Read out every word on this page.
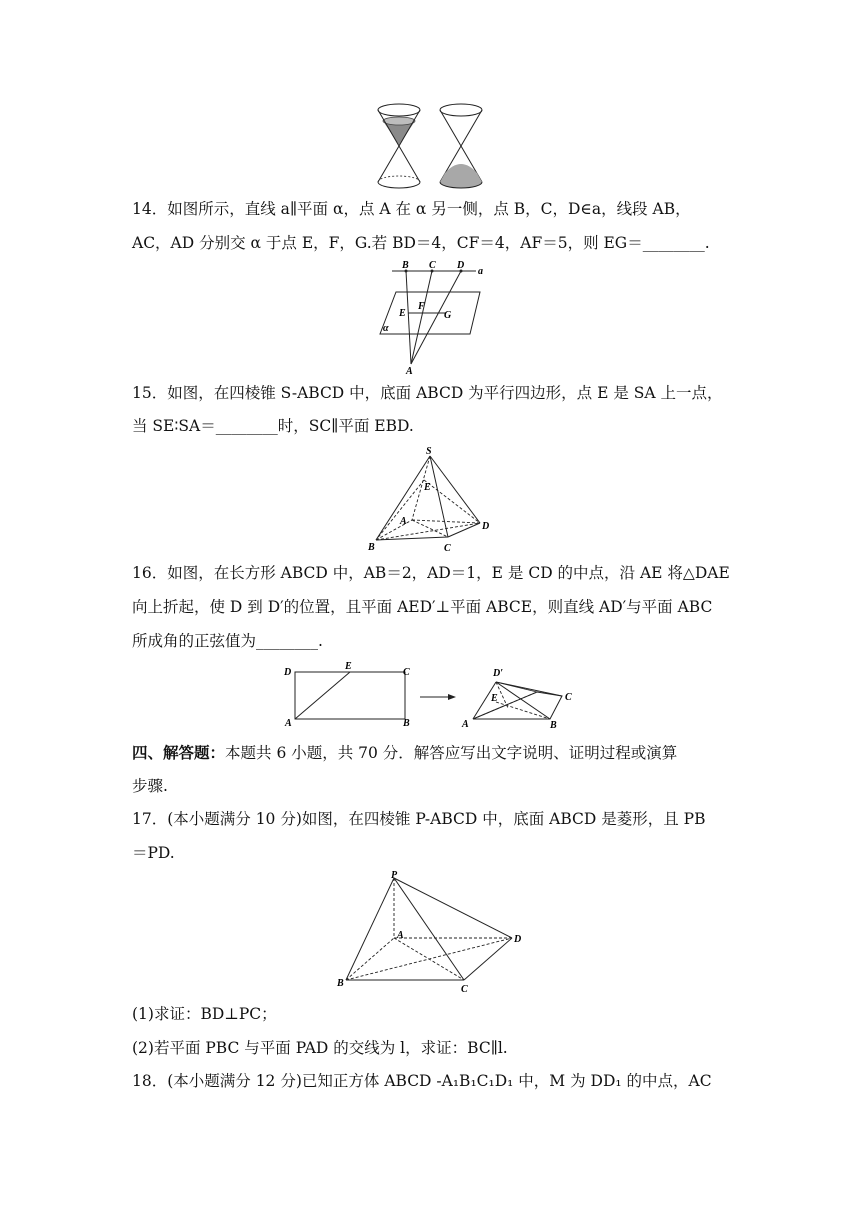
14．如图所示，直线 a∥平面 α，点 A 在 α 另一侧，点 B，C，D∈a，线段 AB，
AC，AD 分别交 α 于点 E，F，G.若 BD＝4，CF＝4，AF＝5，则 EG＝________.
B C D
a
E
F
G
α
A
15．如图，在四棱锥 S-ABCD 中，底面 ABCD 为平行四边形，点 E 是 SA 上一点，
当 SE∶SA＝________时，SC∥平面 EBD.
S
E
A	D
B	C
16．如图，在长方形 ABCD 中，AB＝2，AD＝1，E 是 CD 的中点，沿 AE 将△DAE
向上折起，使 D 到 D′的位置，且平面 AED′⊥平面 ABCE，则直线 AD′与平面 ABC
所成角的正弦值为________.
D
E
C
A	B
D′
E	C
A	B
四、解答题：本题共 6 小题，共 70 分．解答应写出文字说明、证明过程或演算
步骤.
17．(本小题满分 10 分)如图，在四棱锥 P-ABCD 中，底面 ABCD 是菱形，且 PB
＝PD.
P
A	D
B
C
(1)求证：BD⊥PC；
(2)若平面 PBC 与平面 PAD 的交线为 l，求证：BC∥l.
18．(本小题满分 12 分)已知正方体 ABCD -A₁B₁C₁D₁ 中，M 为 DD₁ 的中点，AC
